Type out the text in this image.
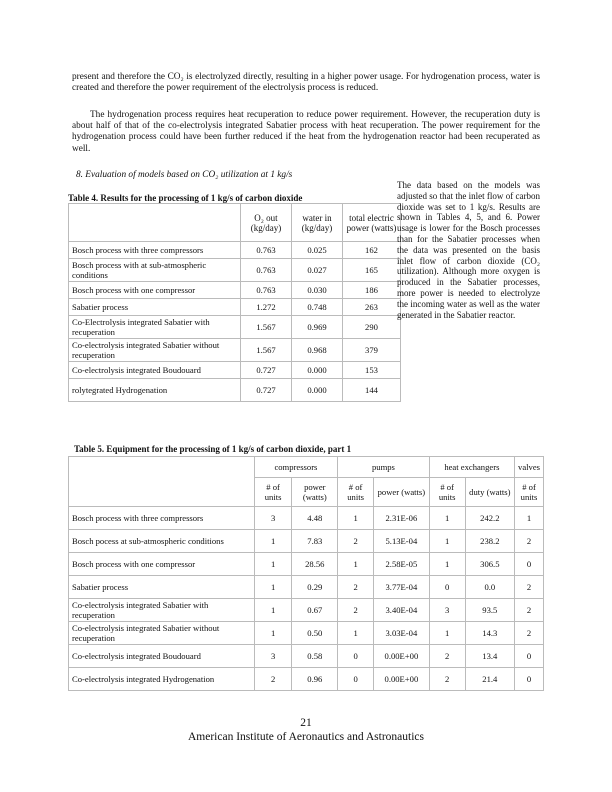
present and therefore the CO₂ is electrolyzed directly, resulting in a higher power usage. For hydrogenation process, water is created and therefore the power requirement of the electrolysis process is reduced.

The hydrogenation process requires heat recuperation to reduce power requirement. However, the recuperation duty is about half of that of the co-electrolysis integrated Sabatier process with heat recuperation. The power requirement for the hydrogenation process could have been further reduced if the heat from the hydrogenation reactor had been recuperated as well.

8. Evaluation of models based on CO₂ utilization at 1 kg/s
Table 4. Results for the processing of 1 kg/s of carbon dioxide
	O₂ out (kg/day)	water in (kg/day)	total electric power (watts)
Bosch process with three compressors	0.763	0.025	162
Bosch process with at sub-atmospheric conditions	0.763	0.027	165
Bosch process with one compressor	0.763	0.030	186
Sabatier process	1.272	0.748	263
Co-Electrolysis integrated Sabatier with recuperation	1.567	0.969	290
Co-electrolysis integrated Sabatier without recuperation	1.567	0.968	379
Co-electrolysis integrated Boudouard	0.727	0.000	153
rolytegrated Hydrogenation	0.727	0.000	144

The data based on the models was adjusted so that the inlet flow of carbon dioxide was set to 1 kg/s. Results are shown in Tables 4, 5, and 6. Power usage is lower for the Bosch processes than for the Sabatier processes when the data was presented on the basis inlet flow of carbon dioxide (CO₂ utilization). Although more oxygen is produced in the Sabatier processes, more power is needed to electrolyze the incoming water as well as the water generated in the Sabatier reactor.

Table 5. Equipment for the processing of 1 kg/s of carbon dioxide, part 1
	compressors		pumps		heat exchangers		valves
	# of units	power (watts)	# of units	power (watts)	# of units	duty (watts)	# of units
Bosch process with three compressors	3	4.48	1	2.31E-06	1	242.2	1
Bosch pocess at sub-atmospheric conditions	1	7.83	2	5.13E-04	1	238.2	2
Bosch process with one compressor	1	28.56	1	2.58E-05	1	306.5	0
Sabatier process	1	0.29	2	3.77E-04	0	0.0	2
Co-electrolysis integrated Sabatier with recuperation	1	0.67	2	3.40E-04	3	93.5	2
Co-electrolysis integrated Sabatier without recuperation	1	0.50	1	3.03E-04	1	14.3	2
Co-electrolysis integrated Boudouard	3	0.58	0	0.00E+00	2	13.4	0
Co-electrolysis integrated Hydrogenation	2	0.96	0	0.00E+00	2	21.4	0
21
American Institute of Aeronautics and Astronautics
